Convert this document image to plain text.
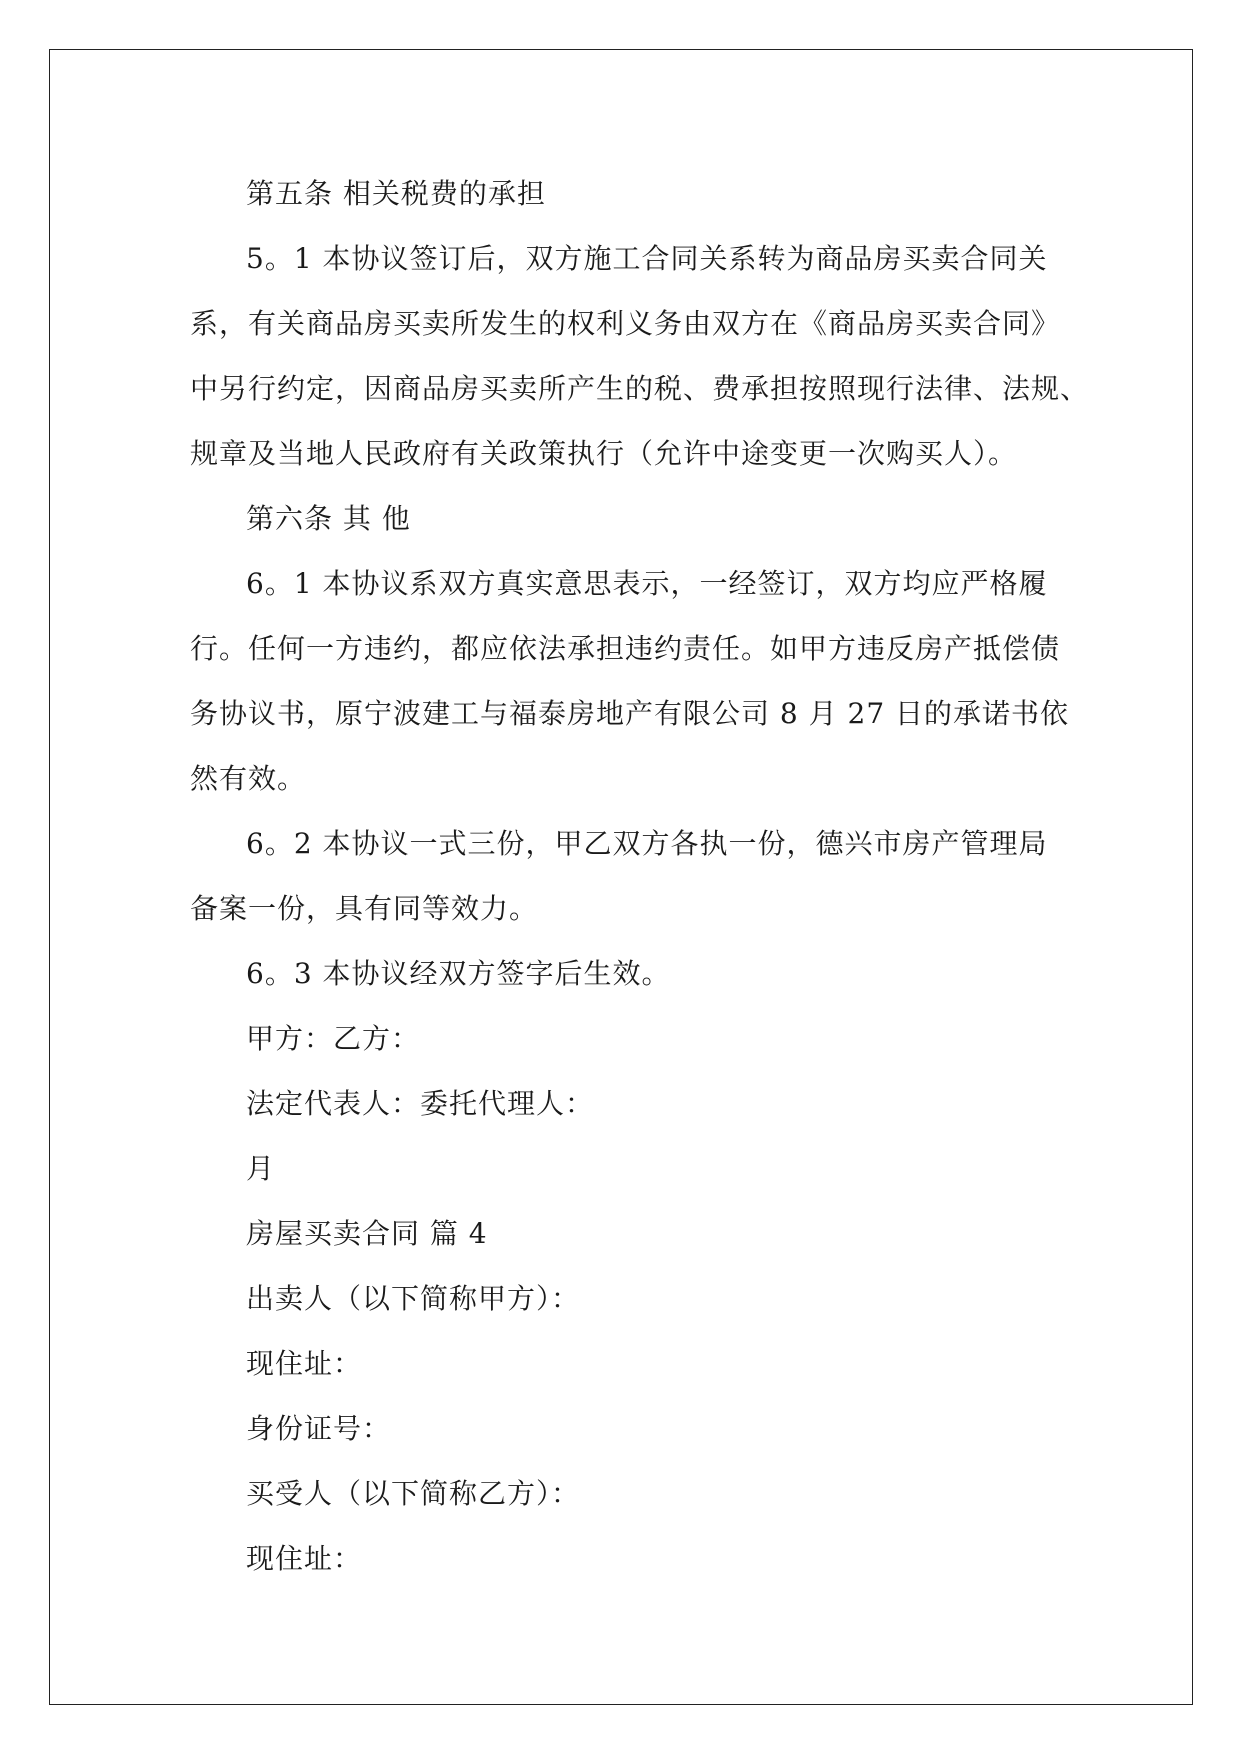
第五条 相关税费的承担

5。1 本协议签订后，双方施工合同关系转为商品房买卖合同关

系，有关商品房买卖所发生的权利义务由双方在《商品房买卖合同》

中另行约定，因商品房买卖所产生的税、费承担按照现行法律、法规、

规章及当地人民政府有关政策执行（允许中途变更一次购买人）。

第六条 其 他

6。1 本协议系双方真实意思表示，一经签订，双方均应严格履

行。任何一方违约，都应依法承担违约责任。如甲方违反房产抵偿债

务协议书，原宁波建工与福泰房地产有限公司 8 月 27 日的承诺书依

然有效。

6。2 本协议一式三份，甲乙双方各执一份，德兴市房产管理局

备案一份，具有同等效力。

6。3 本协议经双方签字后生效。

甲方：乙方：

法定代表人：委托代理人：

月

房屋买卖合同 篇 4

出卖人（以下简称甲方）：

现住址：

身份证号：

买受人（以下简称乙方）：

现住址：
